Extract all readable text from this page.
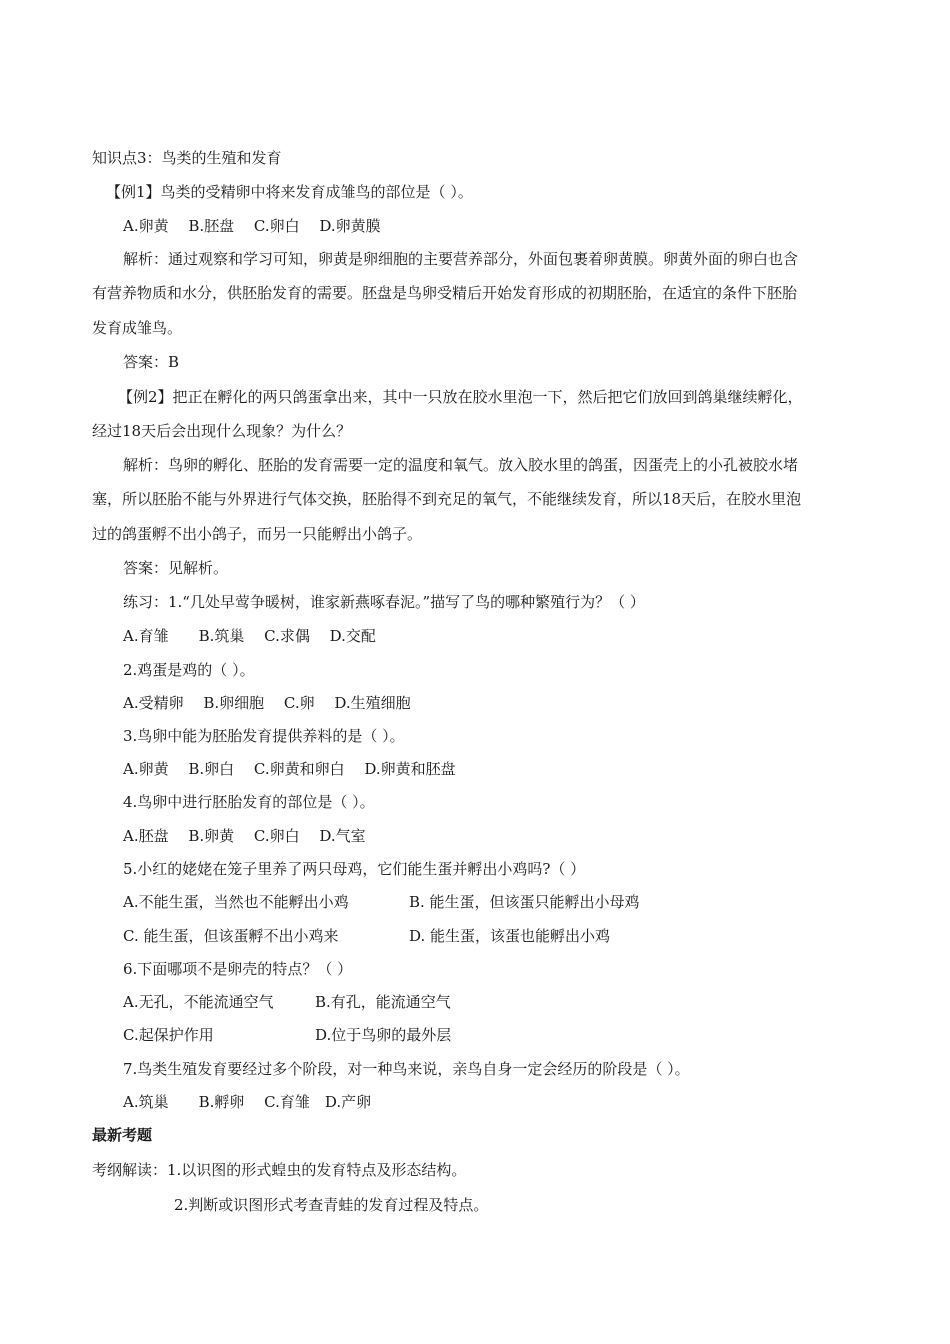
知识点3：鸟类的生殖和发育
【例1】鸟类的受精卵中将来发育成雏鸟的部位是（ ）。
A.卵黄　 B.胚盘　 C.卵白　 D.卵黄膜
解析：通过观察和学习可知，卵黄是卵细胞的主要营养部分，外面包裹着卵黄膜。卵黄外面的卵白也含
有营养物质和水分，供胚胎发育的需要。胚盘是鸟卵受精后开始发育形成的初期胚胎，在适宜的条件下胚胎
发育成雏鸟。
答案：B
【例2】把正在孵化的两只鸽蛋拿出来，其中一只放在胶水里泡一下，然后把它们放回到鸽巢继续孵化，
经过18天后会出现什么现象？为什么？
解析：鸟卵的孵化、胚胎的发育需要一定的温度和氧气。放入胶水里的鸽蛋，因蛋壳上的小孔被胶水堵
塞，所以胚胎不能与外界进行气体交换，胚胎得不到充足的氧气，不能继续发育，所以18天后，在胶水里泡
过的鸽蛋孵不出小鸽子，而另一只能孵出小鸽子。
答案：见解析。
练习：1.“几处早莺争暖树，谁家新燕啄春泥。”描写了鸟的哪种繁殖行为？（ ）
A.育雏　　B.筑巢　 C.求偶　 D.交配
2.鸡蛋是鸡的（ ）。
A.受精卵　 B.卵细胞　 C.卵　 D.生殖细胞
3.鸟卵中能为胚胎发育提供养料的是（ ）。
A.卵黄　 B.卵白　 C.卵黄和卵白　 D.卵黄和胚盘
4.鸟卵中进行胚胎发育的部位是（ ）。
A.胚盘　 B.卵黄　 C.卵白　 D.气室
5.小红的姥姥在笼子里养了两只母鸡，它们能生蛋并孵出小鸡吗?（ ）
A.不能生蛋，当然也不能孵出小鸡	B. 能生蛋，但该蛋只能孵出小母鸡
C. 能生蛋，但该蛋孵不出小鸡来	D. 能生蛋，该蛋也能孵出小鸡
6.下面哪项不是卵壳的特点？（ ）
A.无孔，不能流通空气	B.有孔，能流通空气
C.起保护作用	D.位于鸟卵的最外层
7.鸟类生殖发育要经过多个阶段，对一种鸟来说，亲鸟自身一定会经历的阶段是（ ）。
A.筑巢　　B.孵卵　 C.育雏　D.产卵
最新考题
考纲解读：1.以识图的形式蝗虫的发育特点及形态结构。
2.判断或识图形式考查青蛙的发育过程及特点。
